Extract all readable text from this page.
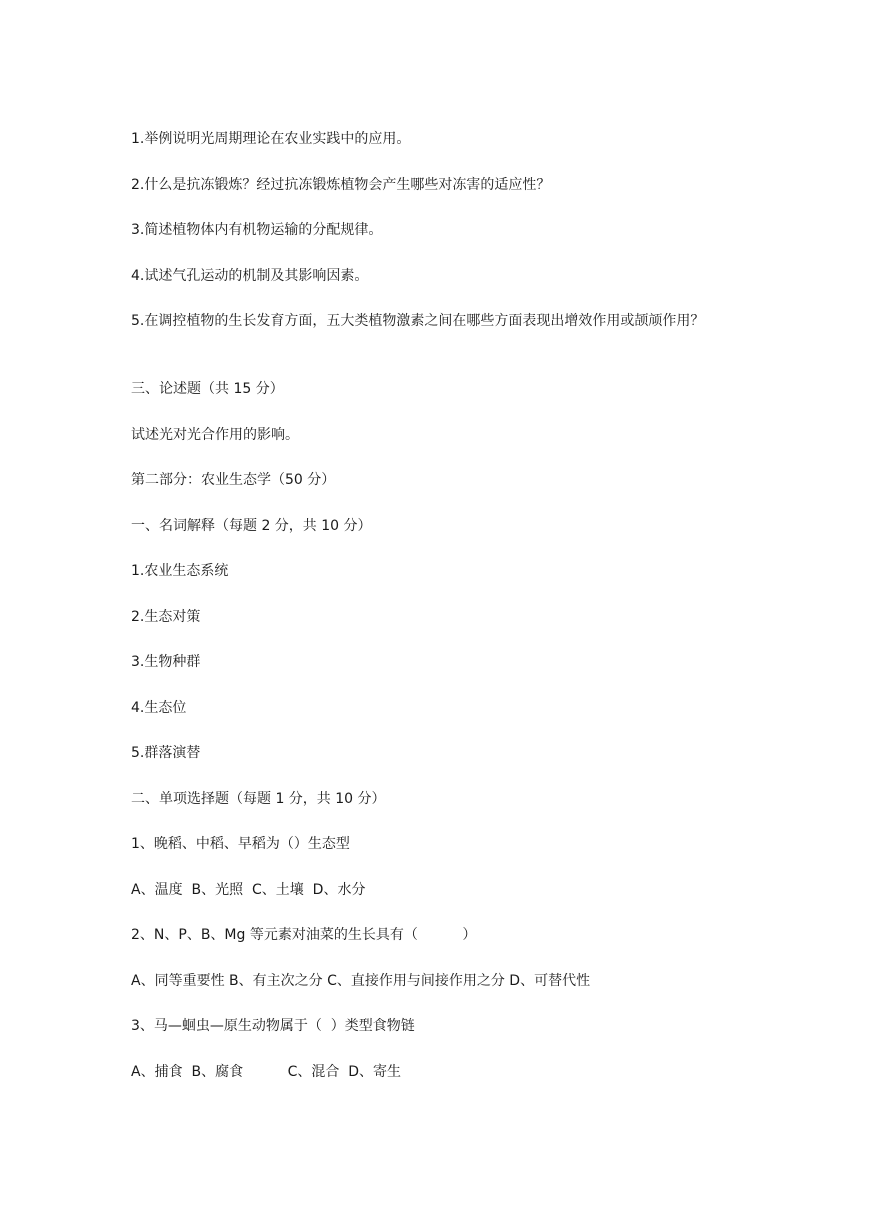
1.举例说明光周期理论在农业实践中的应用。
2.什么是抗冻锻炼？经过抗冻锻炼植物会产生哪些对冻害的适应性？
3.简述植物体内有机物运输的分配规律。
4.试述气孔运动的机制及其影响因素。
5.在调控植物的生长发育方面，五大类植物激素之间在哪些方面表现出增效作用或颉颃作用？
三、论述题（共 15 分）
试述光对光合作用的影响。
第二部分：农业生态学（50 分）
一、名词解释（每题 2 分，共 10 分）
1.农业生态系统
2.生态对策
3.生物种群
4.生态位
5.群落演替
二、单项选择题（每题 1 分，共 10 分）
1、晚稻、中稻、早稻为（）生态型
A、温度  B、光照  C、土壤  D、水分
2、N、P、B、Mg 等元素对油菜的生长具有（          ）
A、同等重要性 B、有主次之分 C、直接作用与间接作用之分 D、可替代性
3、马—蛔虫—原生动物属于（  ）类型食物链
A、捕食  B、腐食          C、混合  D、寄生
